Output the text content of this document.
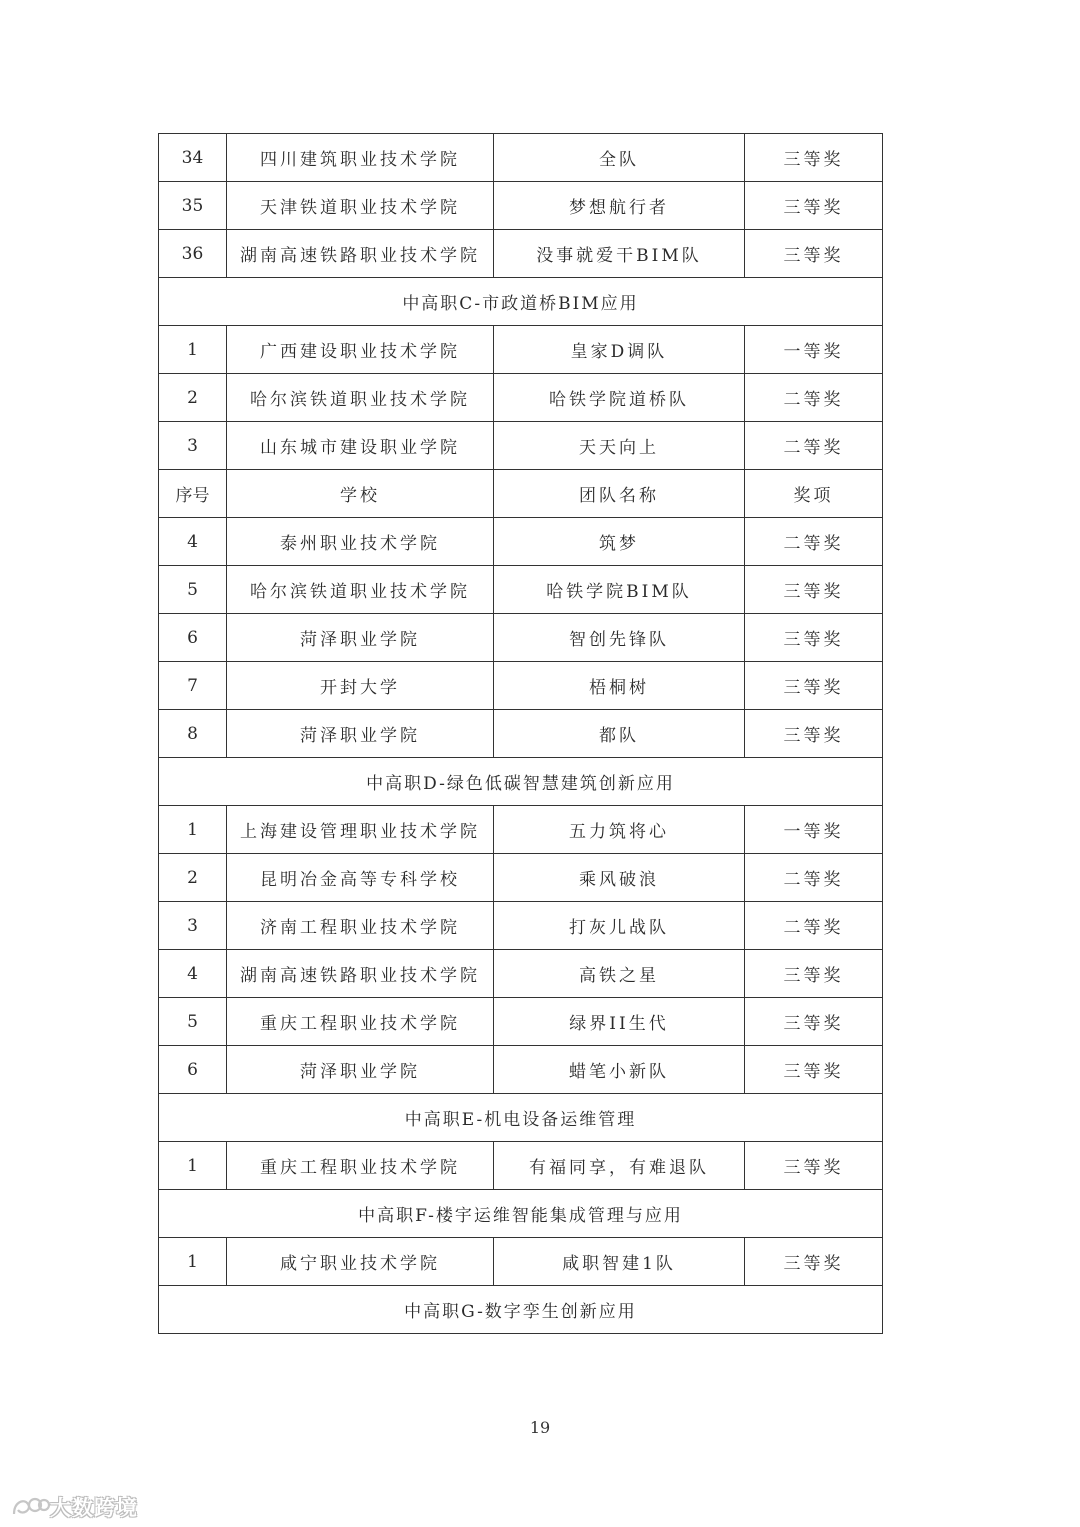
34	四川建筑职业技术学院	全队	三等奖
35	天津铁道职业技术学院	梦想航行者	三等奖
36	湖南高速铁路职业技术学院	没事就爱干BIM队	三等奖
中高职C-市政道桥BIM应用			
1	广西建设职业技术学院	皇家D调队	一等奖
2	哈尔滨铁道职业技术学院	哈铁学院道桥队	二等奖
3	山东城市建设职业学院	天天向上	二等奖
序号	学校	团队名称	奖项
4	泰州职业技术学院	筑梦	二等奖
5	哈尔滨铁道职业技术学院	哈铁学院BIM队	三等奖
6	菏泽职业学院	智创先锋队	三等奖
7	开封大学	梧桐树	三等奖
8	菏泽职业学院	都队	三等奖
中高职D-绿色低碳智慧建筑创新应用			
1	上海建设管理职业技术学院	五力筑将心	一等奖
2	昆明冶金高等专科学校	乘风破浪	二等奖
3	济南工程职业技术学院	打灰儿战队	二等奖
4	湖南高速铁路职业技术学院	高铁之星	三等奖
5	重庆工程职业技术学院	绿界II生代	三等奖
6	菏泽职业学院	蜡笔小新队	三等奖
中高职E-机电设备运维管理			
1	重庆工程职业技术学院	有福同享，有难退队	三等奖
中高职F-楼宇运维智能集成管理与应用			
1	咸宁职业技术学院	咸职智建1队	三等奖
中高职G-数字孪生创新应用			
19
大数跨境
